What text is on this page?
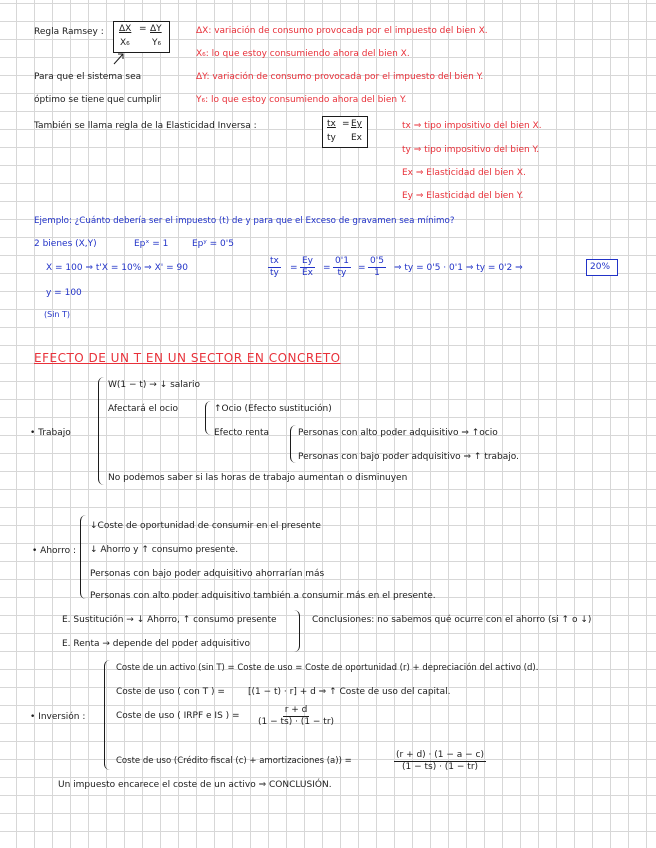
Regla Ramsey : ΔX = ΔY
X₆ Y₆
ΔX: variación de consumo provocada por el impuesto del bien X.
X₆: lo que estoy consumiendo ahora del bien X.
ΔY: variación de consumo provocada por el impuesto del bien Y.
Y₆: lo que estoy consumiendo ahora del bien Y.
Para que el sistema sea
óptimo se tiene que cumplir
También se llama regla de la Elasticidad Inversa :	tx = Ey
ty Ex
tx ⇒ tipo impositivo del bien X.
ty ⇒ tipo impositivo del bien Y.
Ex ⇒ Elasticidad del bien X.
Ey ⇒ Elasticidad del bien Y.
Ejemplo: ¿Cuánto debería ser el impuesto (t) de y para que el Exceso de gravamen sea mínimo?
2 bienes (X,Y)	Epˣ = 1	Epʸ = 0'5
X = 100 ⇒ t'X = 10% ⇒ X' = 90	$\frac{tx}{ty} = \frac{Ey}{Ex} = \frac{0'1}{ty} = \frac{0'5}{1}$ ⇒ ty = 0'5 · 0'1 ⇒ ty = 0'2 ⇒	20%
y = 100
(Sin T)
EFECTO DE UN T EN UN SECTOR EN CONCRETO
• Trabajo
W(1 − t) → ↓ salario
Afectará el ocio	↑Ocio (Efecto sustitución)
Efecto renta	Personas con alto poder adquisitivo ⇒ ↑ocio
Personas con bajo poder adquisitivo ⇒ ↑ trabajo.
No podemos saber si las horas de trabajo aumentan o disminuyen
• Ahorro :
↓Coste de oportunidad de consumir en el presente
↓ Ahorro y ↑ consumo presente.
Personas con bajo poder adquisitivo ahorrarían más
Personas con alto poder adquisitivo también a consumir más en el presente.
E. Sustitución → ↓ Ahorro, ↑ consumo presente
E. Renta → depende del poder adquisitivo
Conclusiones: no sabemos qué ocurre con el ahorro (si ↑ o ↓)
• Inversión :
Coste de un activo (sin T) = Coste de uso = Coste de oportunidad (r) + depreciación del activo (d).
Coste de uso ( con T ) =	[(1 − t) · r] + d ⇒ ↑ Coste de uso del capital.
Coste de uso ( IRPF e IS ) = $\frac{r + d}{(1 - ts) \cdot (1 - tr)}$
Coste de uso (Crédito fiscal (c) + amortizaciones (a)) =	$\frac{(r + d) \cdot (1 - a - c)}{(1 - ts) \cdot (1 - tr)}$
Un impuesto encarece el coste de un activo ⇒ CONCLUSIÓN.
